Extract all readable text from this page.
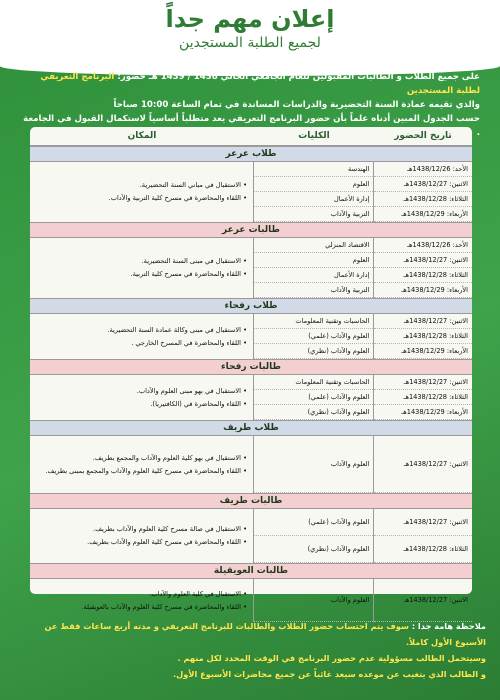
إعلان مهم جداً
لجميع الطلبة المستجدين
على جميع الطلاب و الطالبات المقبولين للعام الجامعي الحالي 1438 / 1439 هـ حضور: البرنامج التعريفي لطلبة المستجدين
والذي تقيمه عمادة السنة التحضيرية والدراسات المساندة في تمام الساعة 10:00 صباحاً
حسب الجدول المبين أدناه علماً بأن حضور البرنامج التعريفي يعد متطلباً أساسياً لاستكمال القبول في الجامعة .
تاريخ الحضور
الكليات
المكان
طلاب عرعر
الأحد: 1438/12/26هـ
الاثنين: 1438/12/27هـ
الثلاثاء: 1438/12/28هـ
الأربعاء: 1438/12/29هـ
الهندسة
العلوم
إدارة الأعمال
التربية والآداب
• الاستقبال في مباني السنة التحضيرية.
• اللقاء والمحاضرة في مسرح كلية التربية والآداب.
طالبات عرعر
الأحد: 1438/12/26هـ
الاثنين: 1438/12/27هـ
الثلاثاء: 1438/12/28هـ
الأربعاء: 1438/12/29هـ
الاقتصاد المنزلي
العلوم
إدارة الأعمال
التربية والآداب
• الاستقبال في مبنى السنة التحضيرية.
• اللقاء والمحاضرة في مسرح كلية التربية.
طلاب رفحاء
الاثنين: 1438/12/27هـ
الثلاثاء: 1438/12/28هـ
الأربعاء: 1438/12/29هـ
الحاسبات وتقنية المعلومات
العلوم والآداب (علمي)
العلوم والآداب (نظري)
• الاستقبال في مبنى وكالة عمادة السنة التحضيرية.
• اللقاء والمحاضرة في المسرح الخارجي .
طالبات رفحاء
الاثنين: 1438/12/27هـ
الثلاثاء: 1438/12/28هـ
الأربعاء: 1438/12/29هـ
الحاسبات وتقنية المعلومات
العلوم والآداب (علمي)
العلوم والآداب (نظري)
• الاستقبال في بهو مبنى العلوم والآداب.
• اللقاء والمحاضرة في (الكافتيريا).
طلاب طريف
الاثنين: 1438/12/27هـ
العلوم والآداب
• الاستقبال في بهو كلية العلوم والآداب والمجمع بطريف.
• اللقاء والمحاضرة في مسرح كلية العلوم والآداب والمجمع بمبنى بطريف.
طالبات طريف
الاثنين: 1438/12/27هـ
الثلاثاء: 1438/12/28هـ
العلوم والآداب (علمي)
العلوم والآداب (نظري)
• الاستقبال في صالة مسرح كلية العلوم والآداب بطريف.
• اللقاء والمحاضرة في مسرح كلية العلوم والآداب بطريف.
طالبات العويقيلة
الاثنين: 1438/12/27هـ
العلوم والآداب
• الاستقبال في كلية العلوم والآداب.
• اللقاء والمحاضرة في مسرح كلية العلوم والآداب بالعويقيلة.
ملاحظة هامة جدا : سوف يتم احتساب حضور الطلاب والطالبات للبرنامج التعريفي و مدته أربع ساعات فقط عن الأسبوع الأول كاملاً.
وسيتحمل الطالب مسؤولية عدم حضور البرنامج في الوقت المحدد لكل منهم .
و الطالب الذي يتغيب عن موعده سيعد غائباً عن جميع محاضرات الأسبوع الأول.
